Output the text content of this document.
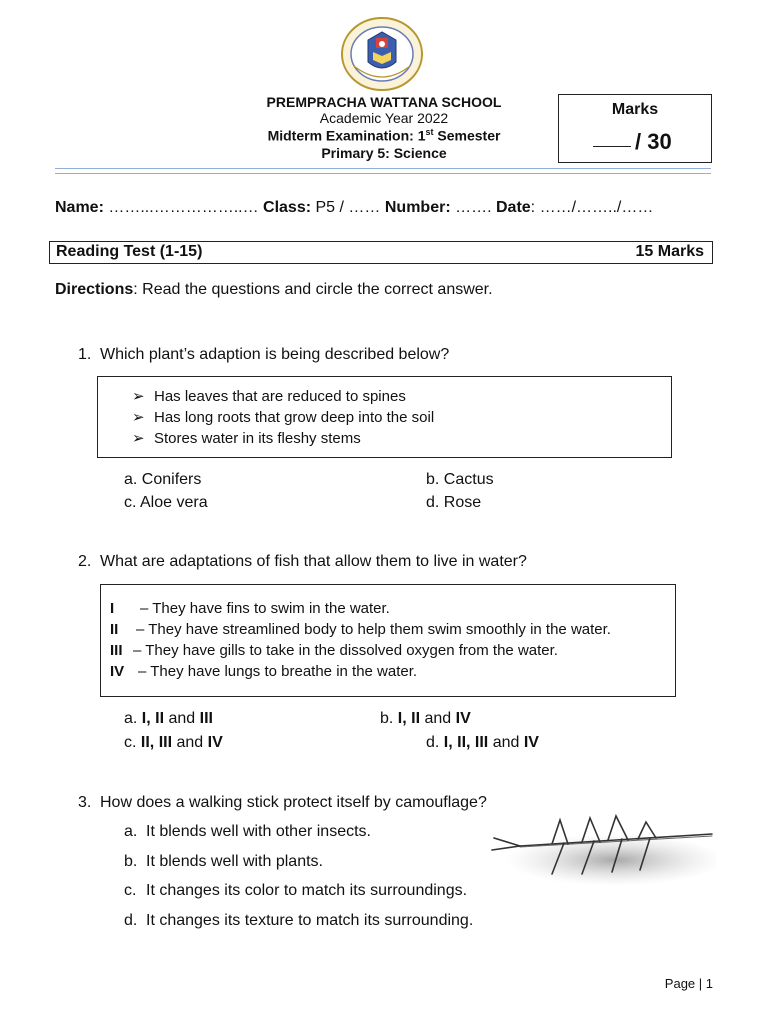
PREMPRACHA WATTANA SCHOOL
Academic Year 2022
Midterm Examination: 1st Semester
Primary 5: Science
Marks
/ 30
Name: ……...……………..… Class: P5 / …… Number: ……. Date: ……/……../……
Reading Test (1-15)	15 Marks
Directions: Read the questions and circle the correct answer.
1. Which plant’s adaption is being described below?
➢ Has leaves that are reduced to spines
➢ Has long roots that grow deep into the soil
➢ Stores water in its fleshy stems
a. Conifers	b. Cactus
c. Aloe vera	d. Rose
2. What are adaptations of fish that allow them to live in water?
I – They have fins to swim in the water.
II – They have streamlined body to help them swim smoothly in the water.
III – They have gills to take in the dissolved oxygen from the water.
IV – They have lungs to breathe in the water.
a. I, II and III	b. I, II and IV
c. II, III and IV	d. I, II, III and IV
3. How does a walking stick protect itself by camouflage?
a. It blends well with other insects.
b. It blends well with plants.
c. It changes its color to match its surroundings.
d. It changes its texture to match its surrounding.
Page | 1
